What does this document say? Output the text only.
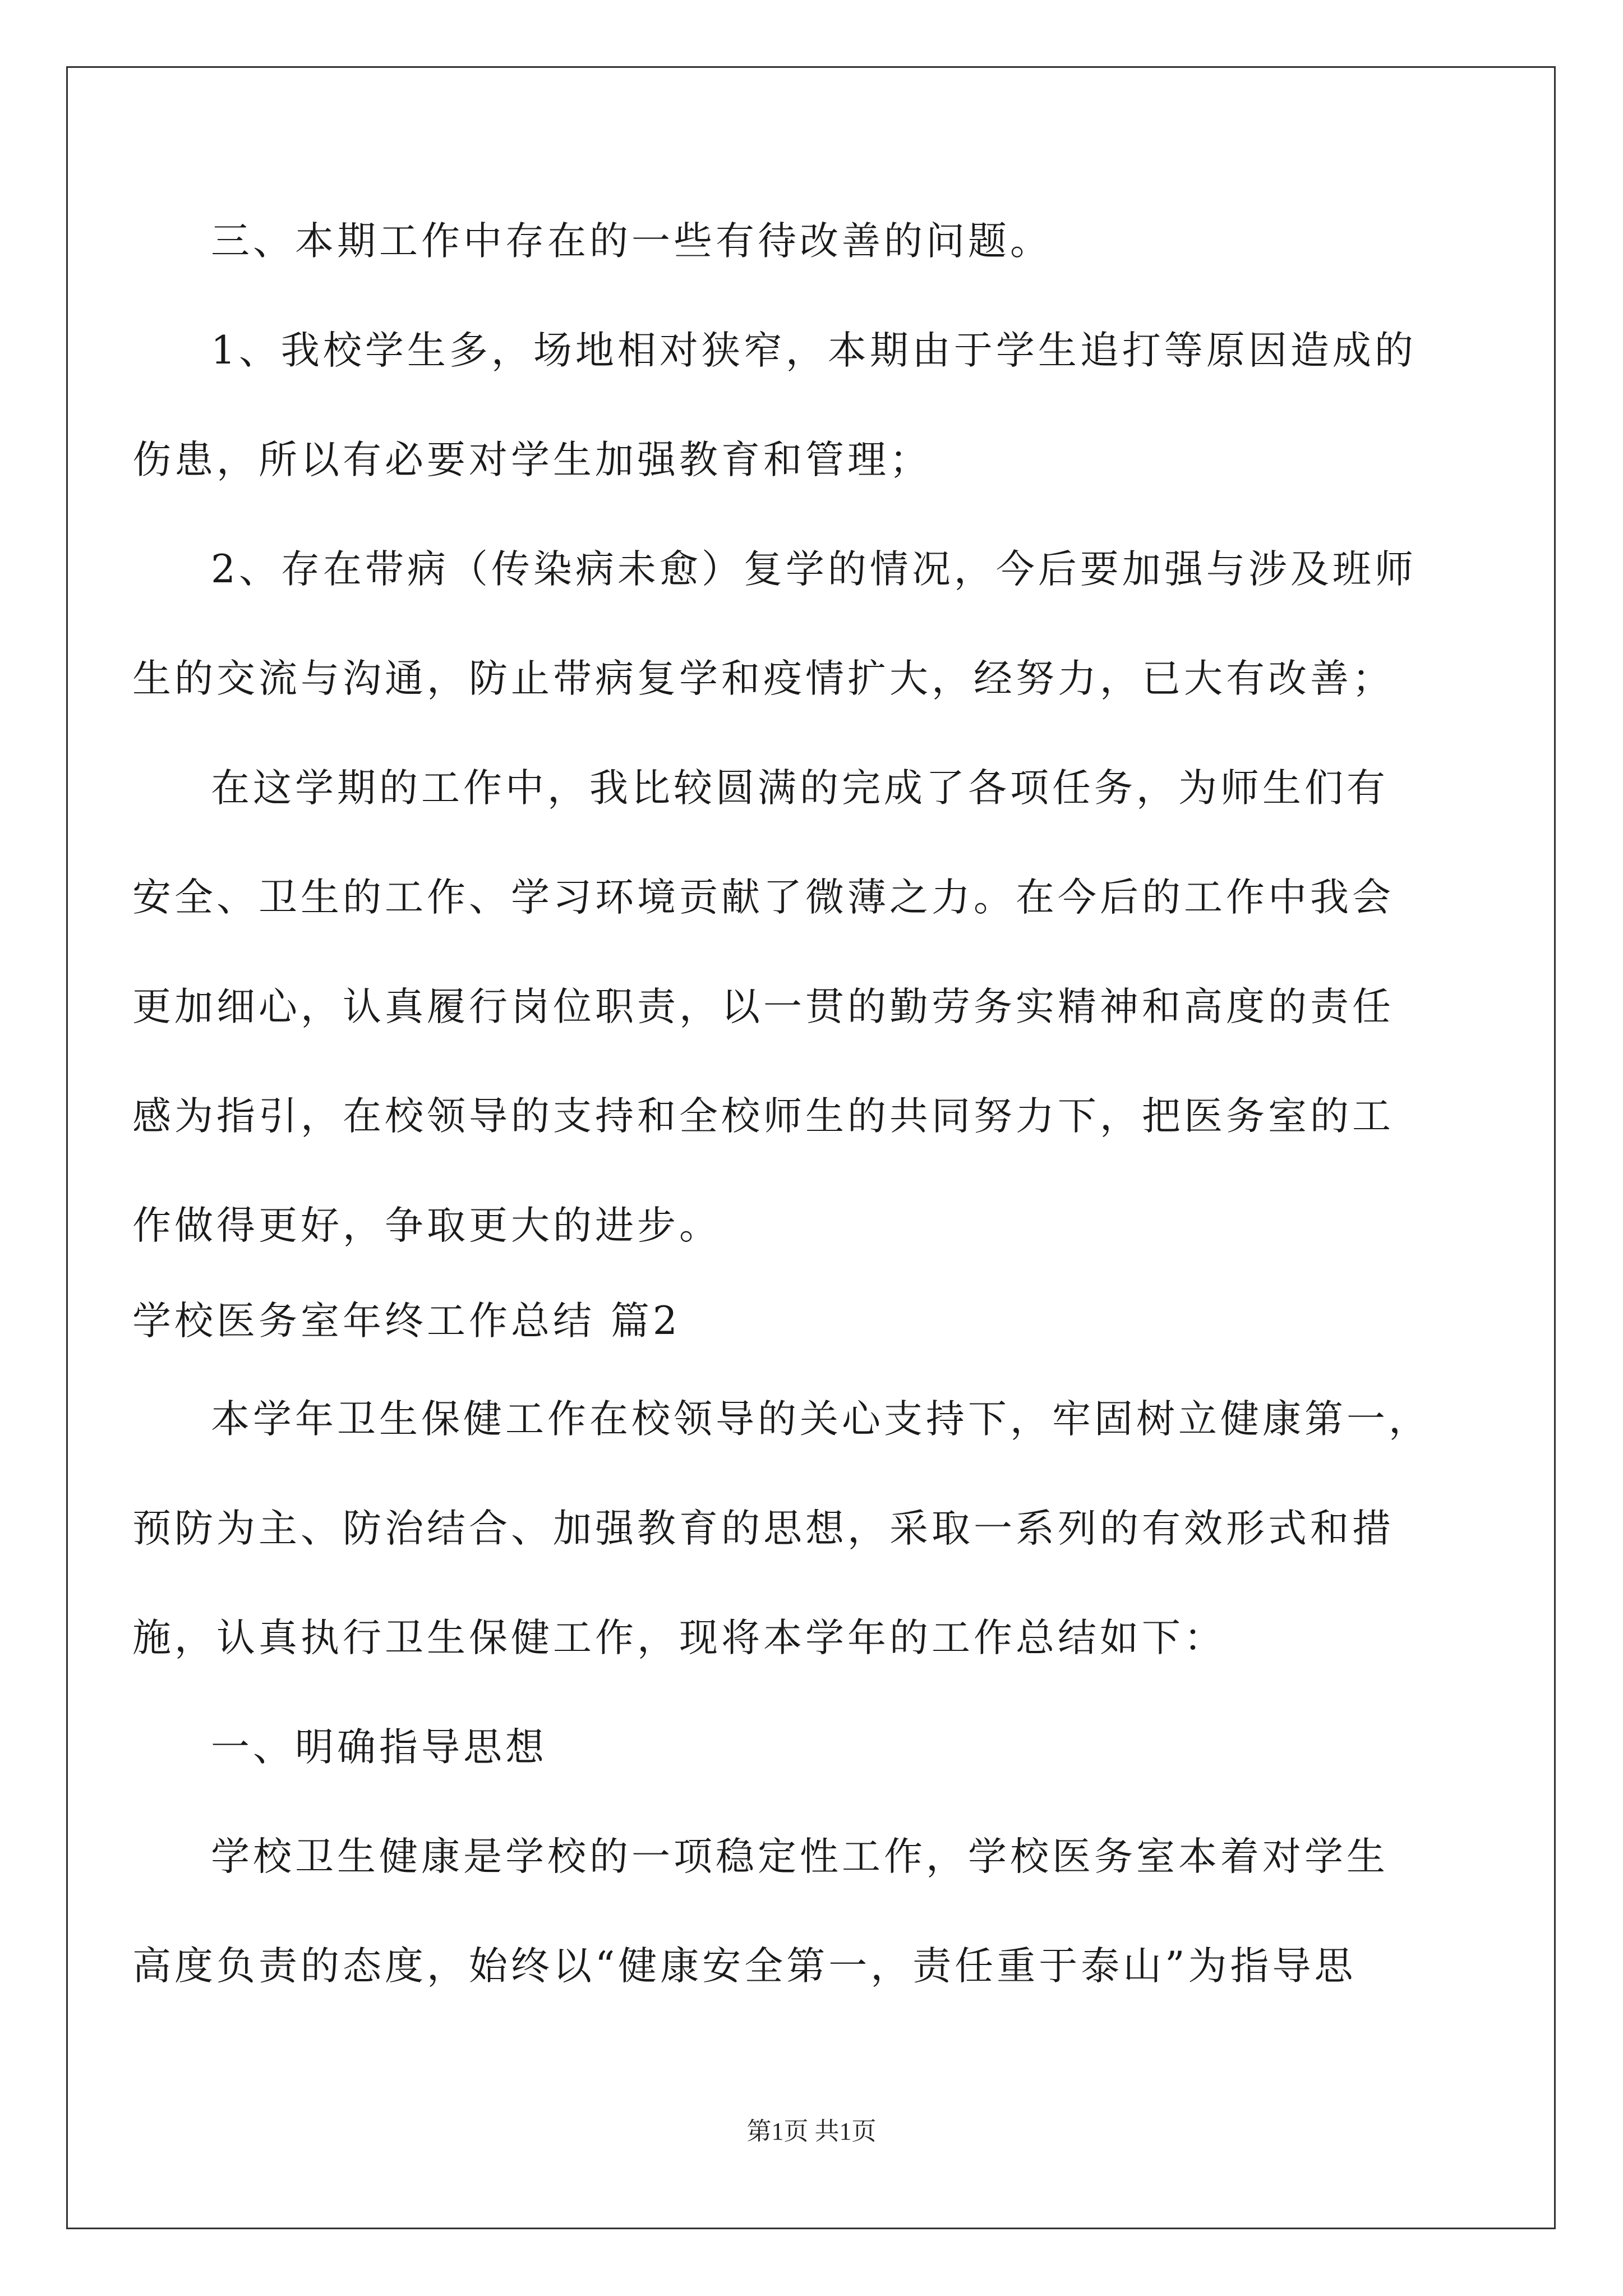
三、本期工作中存在的一些有待改善的问题。
1、我校学生多，场地相对狭窄，本期由于学生追打等原因造成的
伤患，所以有必要对学生加强教育和管理；
2、存在带病（传染病未愈）复学的情况，今后要加强与涉及班师
生的交流与沟通，防止带病复学和疫情扩大，经努力，已大有改善；
在这学期的工作中，我比较圆满的完成了各项任务，为师生们有
安全、卫生的工作、学习环境贡献了微薄之力。在今后的工作中我会
更加细心，认真履行岗位职责，以一贯的勤劳务实精神和高度的责任
感为指引，在校领导的支持和全校师生的共同努力下，把医务室的工
作做得更好，争取更大的进步。
学校医务室年终工作总结 篇2
本学年卫生保健工作在校领导的关心支持下，牢固树立健康第一，
预防为主、防治结合、加强教育的思想，采取一系列的有效形式和措
施，认真执行卫生保健工作，现将本学年的工作总结如下：
一、明确指导思想
学校卫生健康是学校的一项稳定性工作，学校医务室本着对学生
高度负责的态度，始终以“健康安全第一，责任重于泰山”为指导思
第1页 共1页
